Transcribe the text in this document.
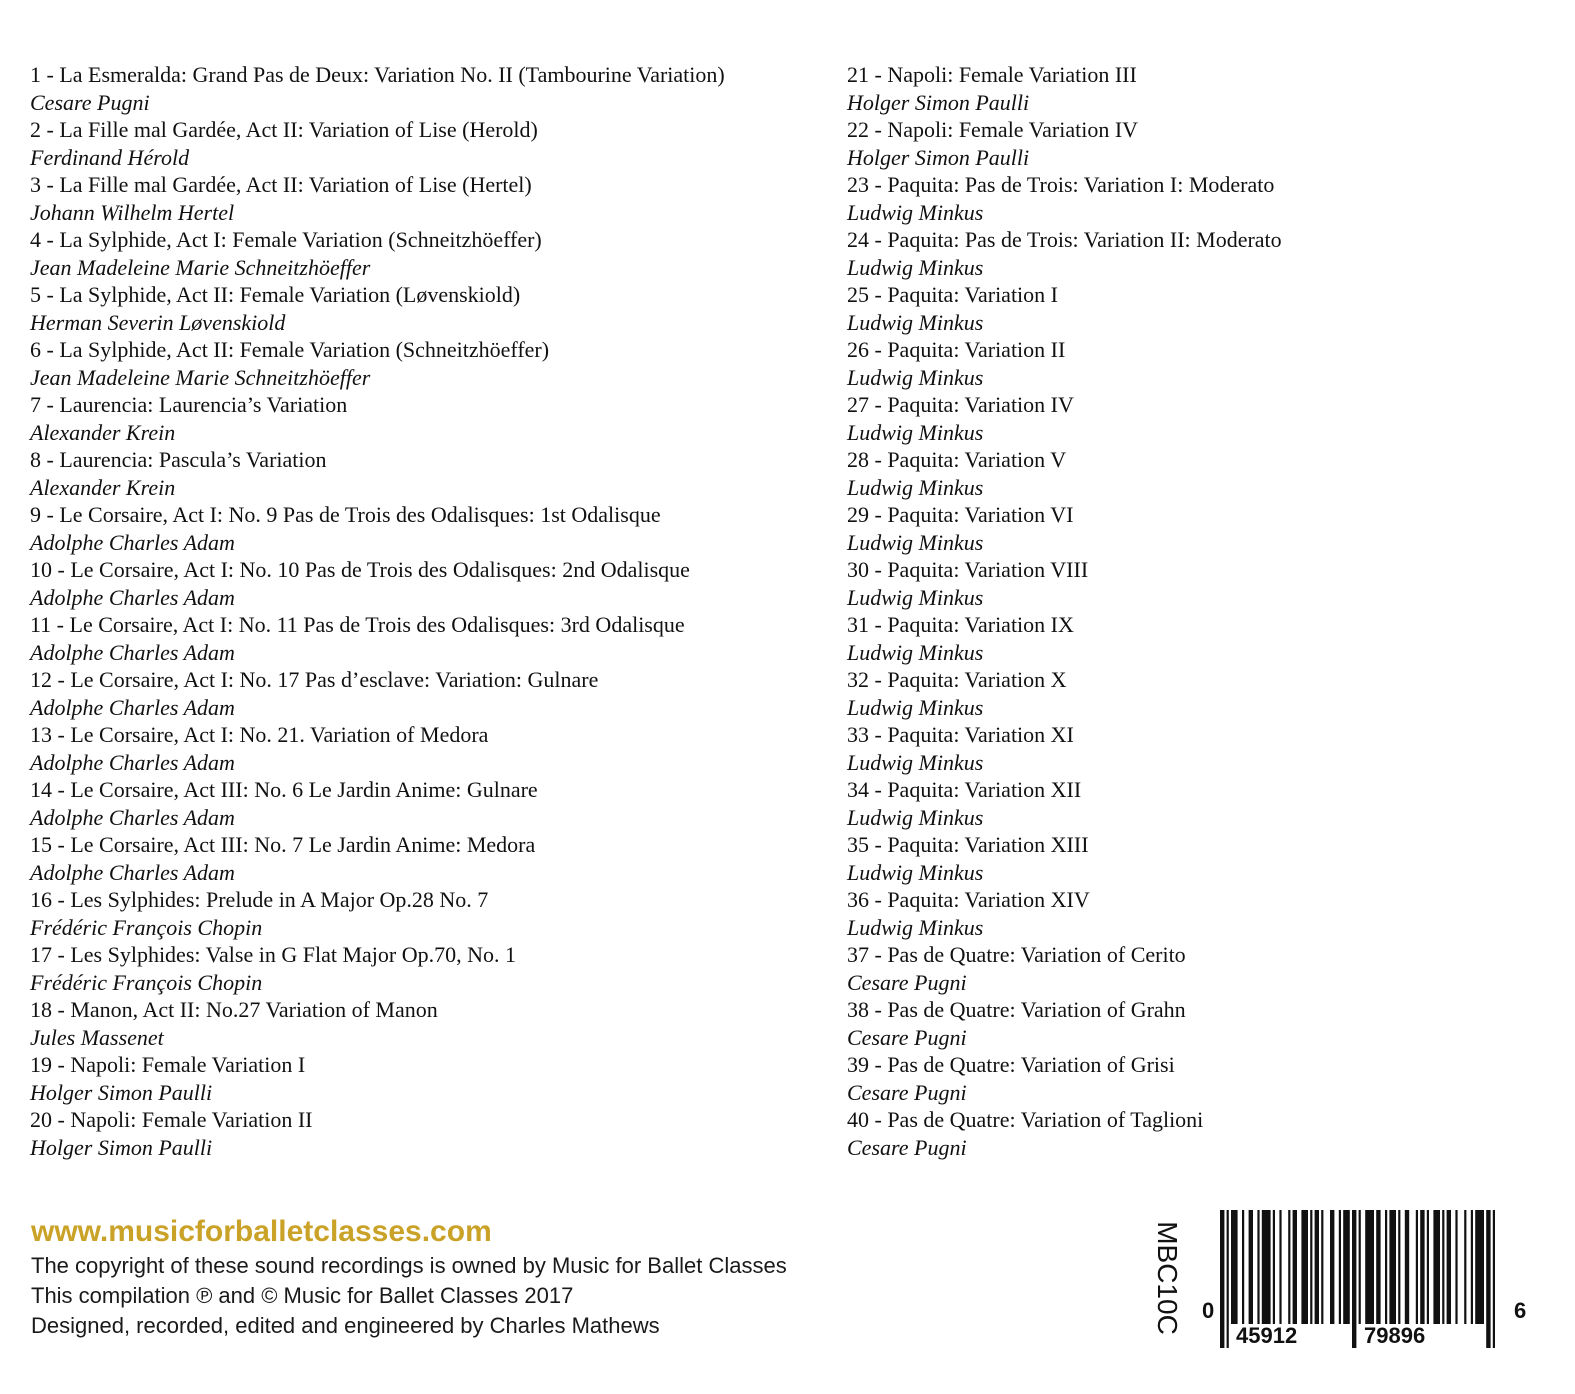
1 - La Esmeralda: Grand Pas de Deux: Variation No. II (Tambourine Variation)
Cesare Pugni
2 - La Fille mal Gardée, Act II: Variation of Lise (Herold)
Ferdinand Hérold
3 - La Fille mal Gardée, Act II: Variation of Lise (Hertel)
Johann Wilhelm Hertel
4 - La Sylphide, Act I: Female Variation (Schneitzhöeffer)
Jean Madeleine Marie Schneitzhöeffer
5 - La Sylphide, Act II: Female Variation (Løvenskiold)
Herman Severin Løvenskiold
6 - La Sylphide, Act II: Female Variation (Schneitzhöeffer)
Jean Madeleine Marie Schneitzhöeffer
7 - Laurencia: Laurencia’s Variation
Alexander Krein
8 - Laurencia: Pascula’s Variation
Alexander Krein
9 - Le Corsaire, Act I: No. 9 Pas de Trois des Odalisques: 1st Odalisque
Adolphe Charles Adam
10 - Le Corsaire, Act I: No. 10 Pas de Trois des Odalisques: 2nd Odalisque
Adolphe Charles Adam
11 - Le Corsaire, Act I: No. 11 Pas de Trois des Odalisques: 3rd Odalisque
Adolphe Charles Adam
12 - Le Corsaire, Act I: No. 17 Pas d’esclave: Variation: Gulnare
Adolphe Charles Adam
13 - Le Corsaire, Act I: No. 21. Variation of Medora
Adolphe Charles Adam
14 - Le Corsaire, Act III: No. 6 Le Jardin Anime: Gulnare
Adolphe Charles Adam
15 - Le Corsaire, Act III: No. 7 Le Jardin Anime: Medora
Adolphe Charles Adam
16 - Les Sylphides: Prelude in A Major Op.28 No. 7
Frédéric François Chopin
17 - Les Sylphides: Valse in G Flat Major Op.70, No. 1
Frédéric François Chopin
18 - Manon, Act II: No.27 Variation of Manon
Jules Massenet
19 - Napoli: Female Variation I
Holger Simon Paulli
20 - Napoli: Female Variation II
Holger Simon Paulli
21 - Napoli: Female Variation III
Holger Simon Paulli
22 - Napoli: Female Variation IV
Holger Simon Paulli
23 - Paquita: Pas de Trois: Variation I: Moderato
Ludwig Minkus
24 - Paquita: Pas de Trois: Variation II: Moderato
Ludwig Minkus
25 - Paquita: Variation I
Ludwig Minkus
26 - Paquita: Variation II
Ludwig Minkus
27 - Paquita: Variation IV
Ludwig Minkus
28 - Paquita: Variation V
Ludwig Minkus
29 - Paquita: Variation VI
Ludwig Minkus
30 - Paquita: Variation VIII
Ludwig Minkus
31 - Paquita: Variation IX
Ludwig Minkus
32 - Paquita: Variation X
Ludwig Minkus
33 - Paquita: Variation XI
Ludwig Minkus
34 - Paquita: Variation XII
Ludwig Minkus
35 - Paquita: Variation XIII
Ludwig Minkus
36 - Paquita: Variation XIV
Ludwig Minkus
37 - Pas de Quatre: Variation of Cerito
Cesare Pugni
38 - Pas de Quatre: Variation of Grahn
Cesare Pugni
39 - Pas de Quatre: Variation of Grisi
Cesare Pugni
40 - Pas de Quatre: Variation of Taglioni
Cesare Pugni
www.musicforballetclasses.com
The copyright of these sound recordings is owned by Music for Ballet Classes
This compilation ℗ and © Music for Ballet Classes 2017
Designed, recorded, edited and engineered by Charles Mathews	MBC10C 0
45912	79896
6
